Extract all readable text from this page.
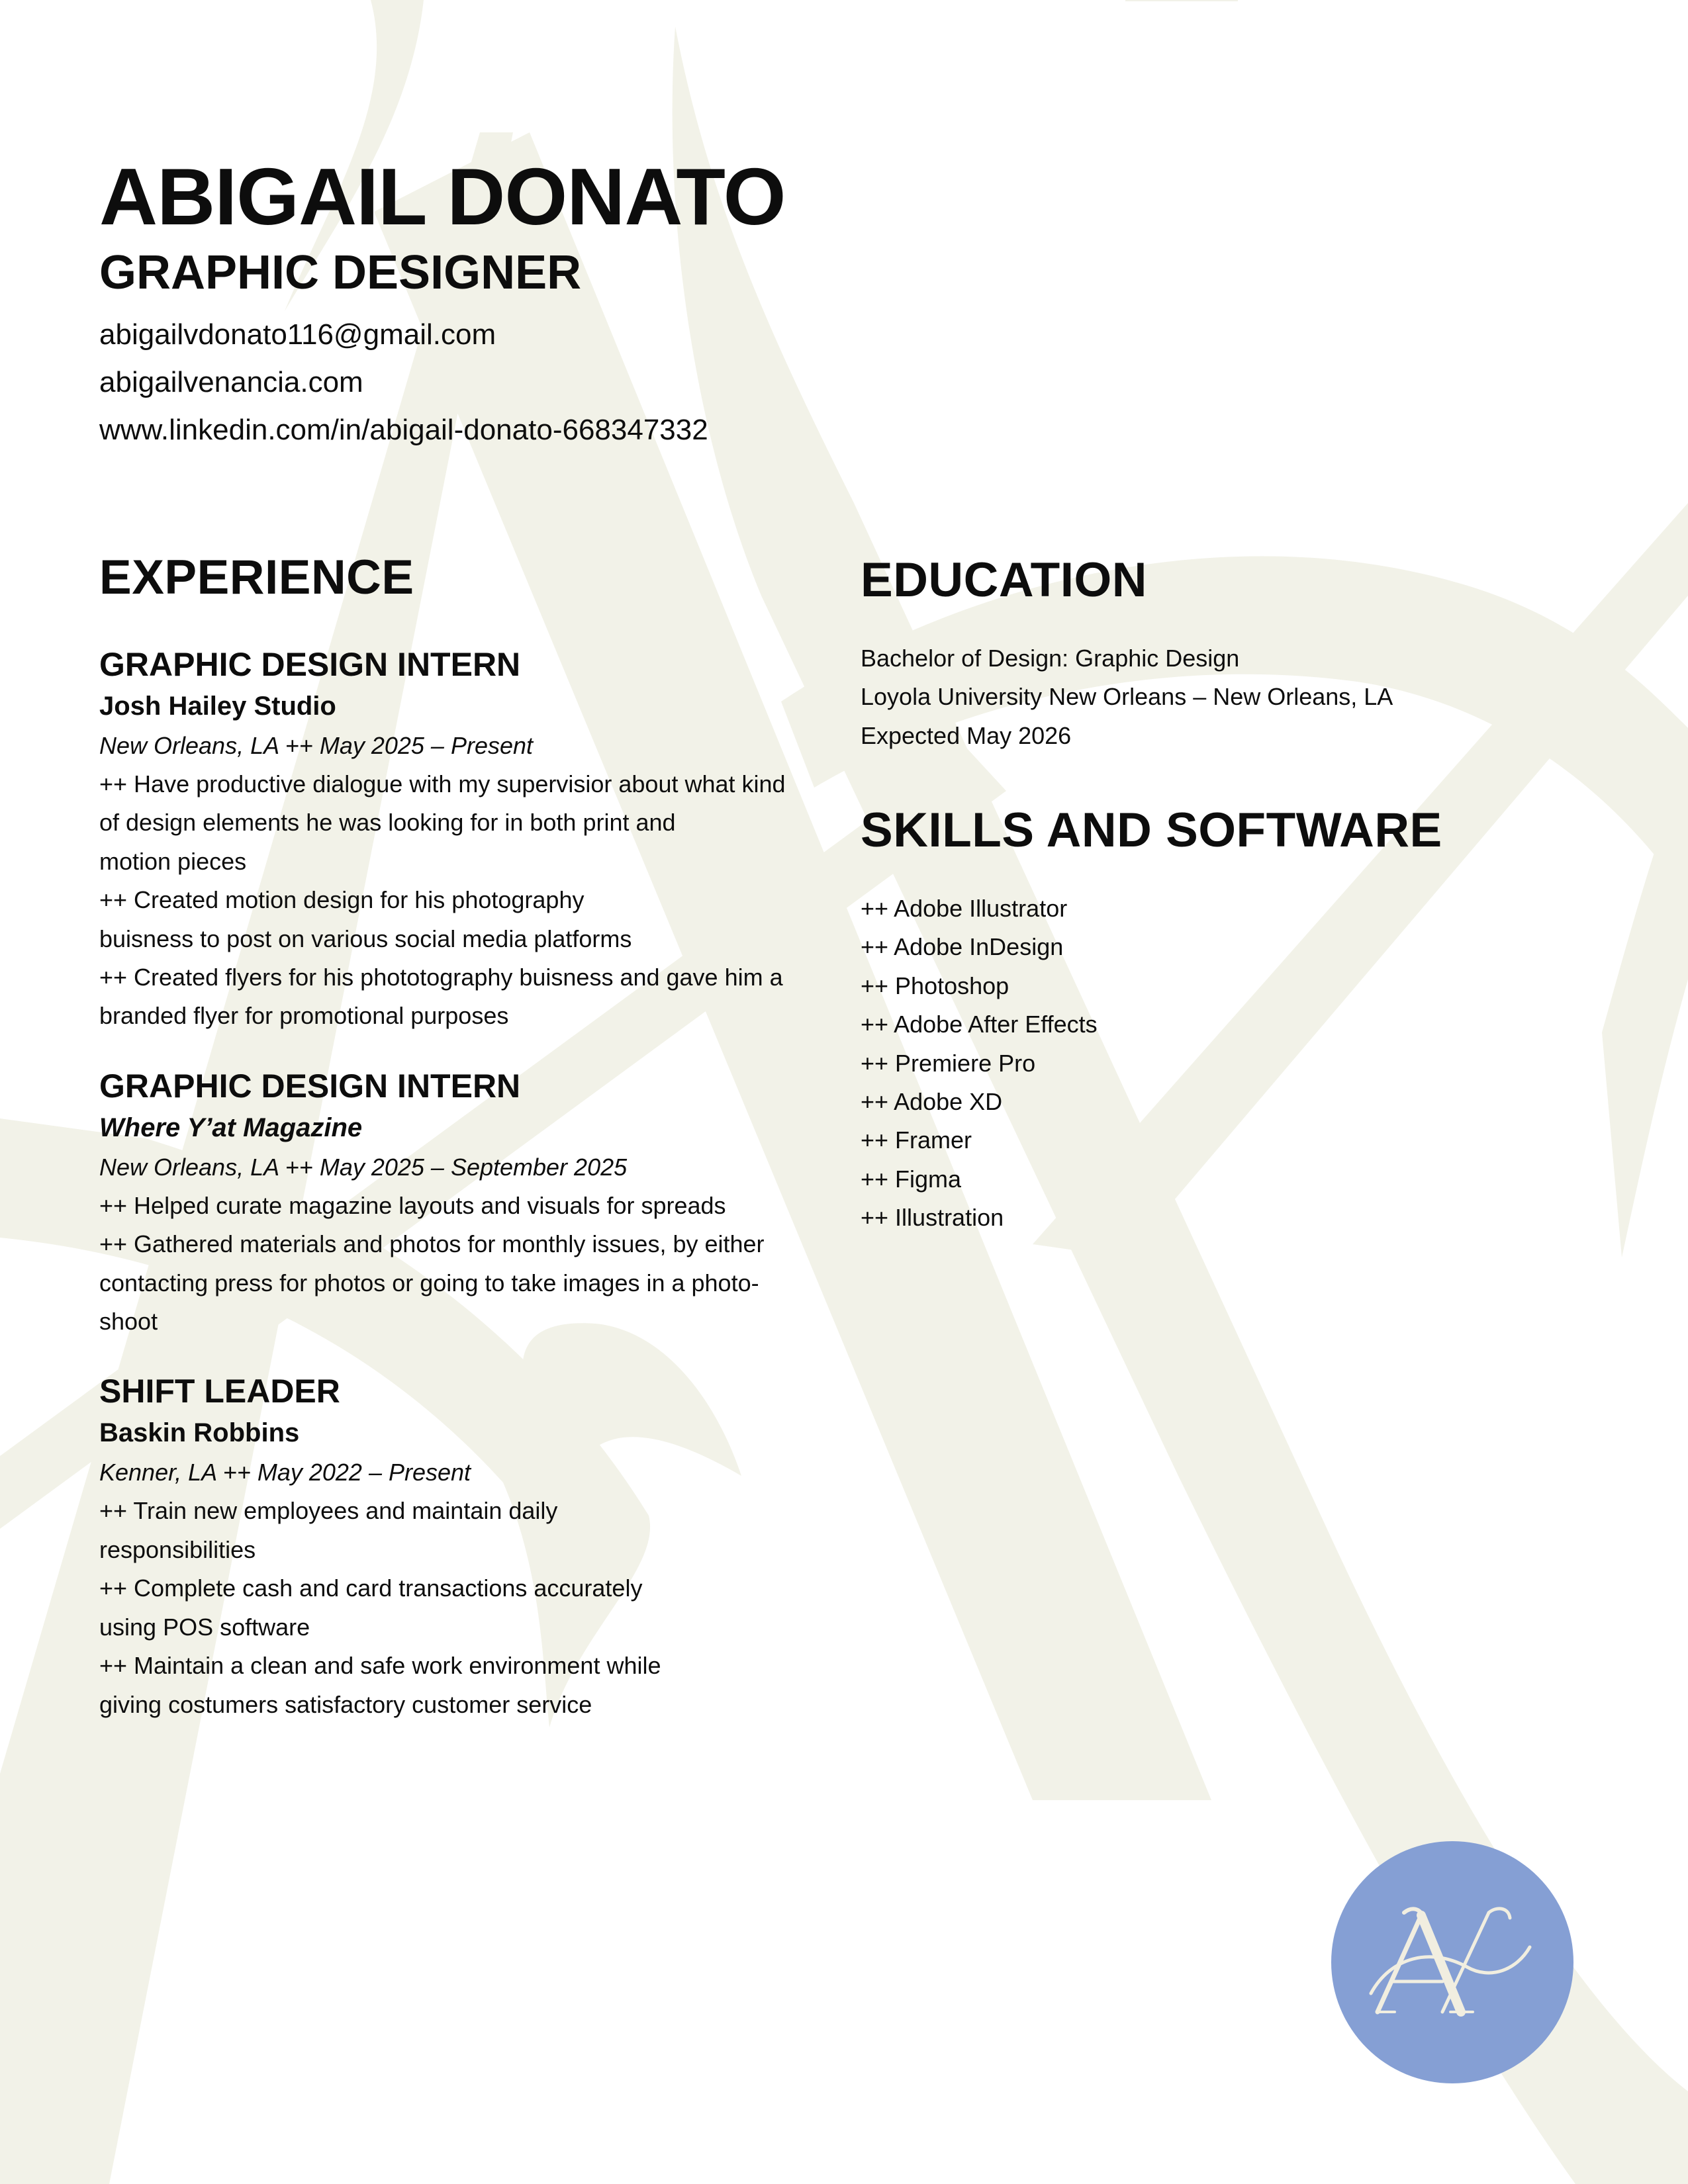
ABIGAIL DONATO
GRAPHIC DESIGNER
abigailvdonato116@gmail.com
abigailvenancia.com
www.linkedin.com/in/abigail-donato-668347332
EXPERIENCE
GRAPHIC DESIGN INTERN
Josh Hailey Studio
New Orleans, LA ++ May 2025 – Present
++ Have productive dialogue with my supervisior about what kind
of design elements he was looking for in both print and
motion pieces
++ Created motion design for his photography
buisness to post on various social media platforms
++ Created flyers for his phototography buisness and gave him a
branded flyer for promotional purposes
GRAPHIC DESIGN INTERN
Where Y’at Magazine
New Orleans, LA ++ May 2025 – September 2025
++ Helped curate magazine layouts and visuals for spreads
++ Gathered materials and photos for monthly issues, by either
contacting press for photos or going to take images in a photo-
shoot
SHIFT LEADER
Baskin Robbins
Kenner, LA ++ May 2022 – Present
++ Train new employees and maintain daily
responsibilities
++ Complete cash and card transactions accurately
using POS software
++ Maintain a clean and safe work environment while
giving costumers satisfactory customer service
EDUCATION
Bachelor of Design: Graphic Design
Loyola University New Orleans – New Orleans, LA
Expected May 2026
SKILLS AND SOFTWARE
++ Adobe Illustrator
++ Adobe InDesign
++ Photoshop
++ Adobe After Effects
++ Premiere Pro
++ Adobe XD
++ Framer
++ Figma
++ Illustration
